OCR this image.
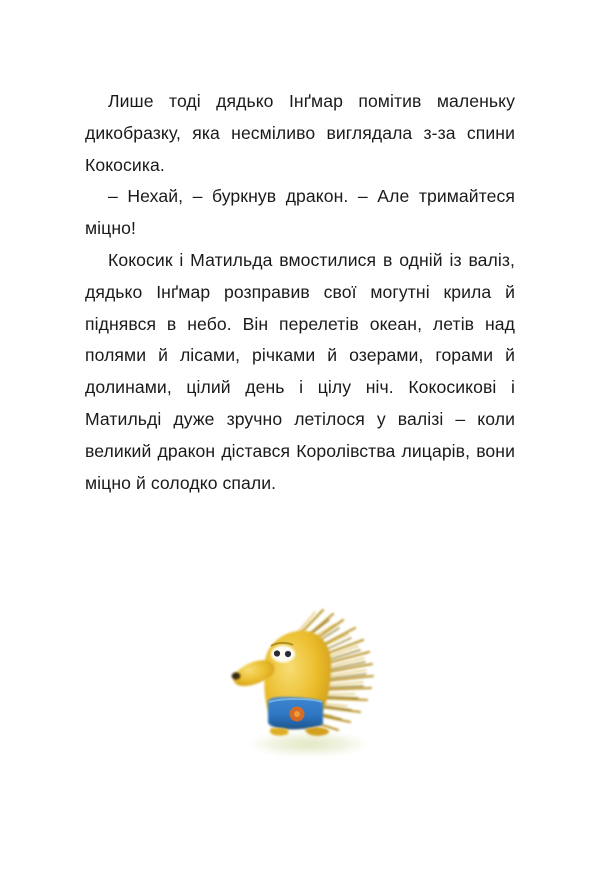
Лише тоді дядько Інґмар помітив маленьку дикобразку, яка несміливо виглядала з-за спини Кокосика.

– Нехай, – буркнув дракон. – Але тримайтеся міцно!

Кокосик і Матильда вмостилися в одній із валіз, дядько Інґмар розправив свої могутні крила й піднявся в небо. Він перелетів океан, летів над полями й лісами, річками й озерами, горами й долинами, цілий день і цілу ніч. Кокосикові і Матильді дуже зручно летілося у валізі – коли великий дракон дістався Королівства лицарів, вони міцно й солодко спали.
